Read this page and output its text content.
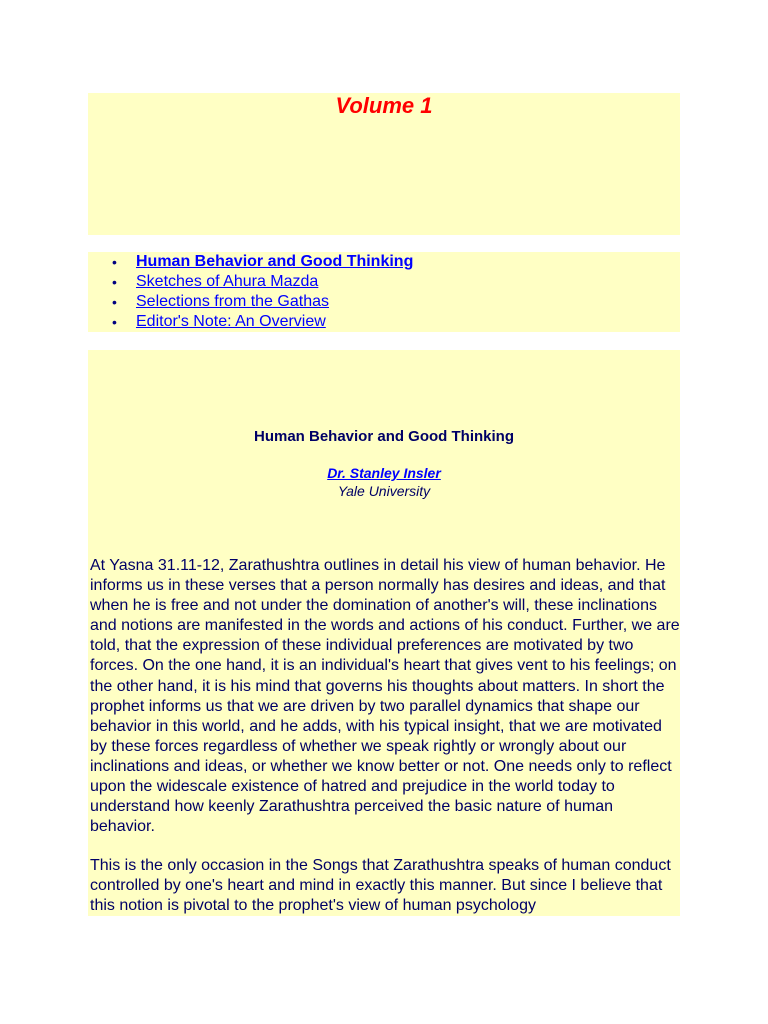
Volume 1
• Human Behavior and Good Thinking
• Sketches of Ahura Mazda
• Selections from the Gathas
• Editor's Note: An Overview
Human Behavior and Good Thinking
Dr. Stanley Insler
Yale University

At Yasna 31.11-12, Zarathushtra outlines in detail his view of human behavior. He informs us in these verses that a person normally has desires and ideas, and that when he is free and not under the domination of another's will, these inclinations and notions are manifested in the words and actions of his conduct. Further, we are told, that the expression of these individual preferences are motivated by two forces. On the one hand, it is an individual's heart that gives vent to his feelings; on the other hand, it is his mind that governs his thoughts about matters. In short the prophet informs us that we are driven by two parallel dynamics that shape our behavior in this world, and he adds, with his typical insight, that we are motivated by these forces regardless of whether we speak rightly or wrongly about our inclinations and ideas, or whether we know better or not. One needs only to reflect upon the widescale existence of hatred and prejudice in the world today to understand how keenly Zarathushtra perceived the basic nature of human behavior.

This is the only occasion in the Songs that Zarathushtra speaks of human conduct controlled by one's heart and mind in exactly this manner. But since I believe that this notion is pivotal to the prophet's view of human psychology
